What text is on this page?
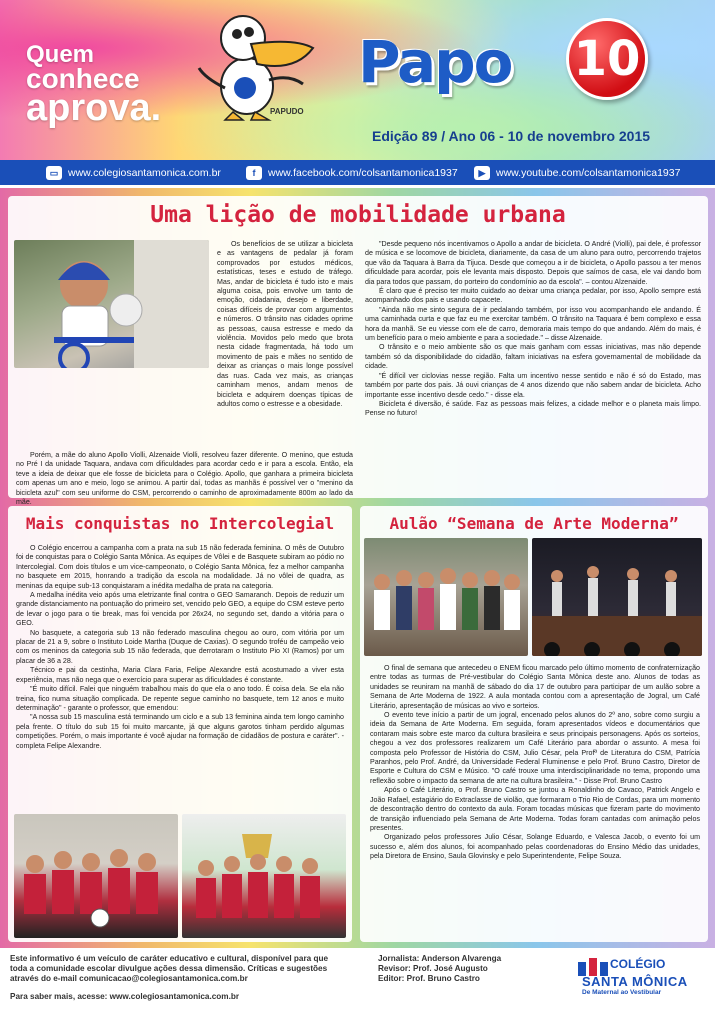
Quem
conhece
aprova.	PAPUDO
Papo 10
Edição 89 / Ano 06 - 10 de novembro 2015
▭ www.colegiosantamonica.com.br	f	www.facebook.com/colsantamonica1937	▶	www.youtube.com/colsantamonica1937
Uma lição de mobilidade urbana

Os benefícios de se utilizar a bicicleta e as vantagens de pedalar já foram comprovados por estudos médicos, estatísticas, teses e estudo de tráfego. Mas, andar de bicicleta é tudo isto e mais alguma coisa, pois envolve um tanto de emoção, cidadania, desejo e liberdade, coisas difíceis de provar com argumentos e números. O trânsito nas cidades oprime as pessoas, causa estresse e medo da violência. Movidos pelo medo que brota nesta cidade fragmentada, há todo um movimento de pais e mães no sentido de deixar as crianças o mais longe possível das ruas. Cada vez mais, as crianças caminham menos, andam menos de bicicleta e adquirem doenças típicas de adultos como o estresse e a obesidade.

Porém, a mãe do aluno Apollo Violli, Alzenaide Violli, resolveu fazer diferente. O menino, que estuda no Pré I da unidade Taquara, andava com dificuldades para acordar cedo e ir para a escola. Então, ela teve a ideia de deixar que ele fosse de bicicleta para o Colégio. Apollo, que ganhara a primeira bicicleta com apenas um ano e meio, logo se animou. A partir daí, todas as manhãs é possível ver o "menino da bicicleta azul" com seu uniforme do CSM, percorrendo o caminho de aproximadamente 800m ao lado da mãe.

"Desde pequeno nós incentivamos o Apollo a andar de bicicleta. O André (Violli), pai dele, é professor de música e se locomove de bicicleta, diariamente, da casa de um aluno para outro, percorrendo trajetos que vão da Taquara à Barra da Tijuca. Desde que começou a ir de bicicleta, o Apollo passou a ter menos dificuldade para acordar, pois ele levanta mais disposto. Depois que saímos de casa, ele vai dando bom dia para todos que passam, do porteiro do condomínio ao da escola". – contou Alzenaide.

É claro que é preciso ter muito cuidado ao deixar uma criança pedalar, por isso, Apollo sempre está acompanhado dos pais e usando capacete.

"Ainda não me sinto segura de ir pedalando também, por isso vou acompanhando ele andando. É uma caminhada curta e que faz eu me exercitar também. O trânsito na Taquara é bem complexo e essa hora da manhã. Se eu viesse com ele de carro, demoraria mais tempo do que andando. Além do mais, é um benefício para o meio ambiente e para a sociedade." – disse Alzenaide.

O trânsito e o meio ambiente são os que mais ganham com essas iniciativas, mas não depende também só da disponibilidade do cidadão, faltam iniciativas na esfera governamental de mobilidade da cidade.

"É difícil ver ciclovias nesse região. Falta um incentivo nesse sentido e não é só do Estado, mas também por parte dos pais. Já ouvi crianças de 4 anos dizendo que não sabem andar de bicicleta. Acho importante esse incentivo desde cedo." - disse ela.

Bicicleta é diversão, é saúde. Faz as pessoas mais felizes, a cidade melhor e o planeta mais limpo. Pense no futuro!

Mais conquistas no Intercolegial

O Colégio encerrou a campanha com a prata na sub 15 não federada feminina. O mês de Outubro foi de conquistas para o Colégio Santa Mônica. As equipes de Vôlei e de Basquete subiram ao pódio no Intercolegial. Com dois títulos e um vice-campeonato, o Colégio Santa Mônica, fez a melhor campanha no basquete em 2015, honrando a tradição da escola na modalidade. Já no vôlei de quadra, as meninas da equipe sub-13 conquistaram a inédita medalha de prata na categoria.

A medalha inédita veio após uma eletrizante final contra o GEO Samaranch. Depois de reduzir um grande distanciamento na pontuação do primeiro set, vencido pelo GEO, a equipe do CSM esteve perto de levar o jogo para o tie break, mas foi vencida por 26x24, no segundo set, dando a vitória para o GEO.

No basquete, a categoria sub 13 não federado masculina chegou ao ouro, com vitória por um placar de 21 a 9, sobre o Instituto Loide Martha (Duque de Caxias). O segundo troféu de campeão veio com os meninos da categoria sub 15 não federada, que derrotaram o Instituto Pio XI (Ramos) por um placar de 36 a 28.

Técnico e pai da cestinha, Maria Clara Faria, Felipe Alexandre está acostumado a viver esta experiência, mas não nega que o exercício para superar as dificuldades é constante.

"É muito difícil. Falei que ninguém trabalhou mais do que ela o ano todo. É coisa dela. Se ela não treina, fico numa situação complicada. De repente segue caminho no basquete, tem 12 anos e muito determinação" - garante o professor, que emendou:

"A nossa sub 15 masculina está terminando um ciclo e a sub 13 feminina ainda tem longo caminho pela frente. O título do sub 15 foi muito marcante, já que alguns garotos tinham perdido algumas competições. Porém, o mais importante é você ajudar na formação de cidadãos de postura e caráter". - completa Felipe Alexandre.

Aulão “Semana de Arte Moderna”

O final de semana que antecedeu o ENEM ficou marcado pelo último momento de confraternização entre todas as turmas de Pré-vestibular do Colégio Santa Mônica deste ano. Alunos de todas as unidades se reuniram na manhã de sábado do dia 17 de outubro para participar de um aulão sobre a Semana de Arte Moderna de 1922. A aula montada contou com a apresentação de Jogral, um Café Literário, apresentação de músicas ao vivo e sorteios.

O evento teve início a partir de um jogral, encenado pelos alunos do 2º ano, sobre como surgiu a ideia da Semana de Arte Moderna. Em seguida, foram apresentados vídeos e documentários que contaram mais sobre este marco da cultura brasileira e seus principais personagens. Após os sorteios, chegou a vez dos professores realizarem um Café Literário para abordar o assunto. A mesa foi composta pelo Professor de História do CSM, Julio César, pela Profª de Literatura do CSM, Patrícia Paranhos, pelo Prof. André, da Universidade Federal Fluminense e pelo Prof. Bruno Castro, Diretor de Esporte e Cultura do CSM e Músico. "O café trouxe uma interdisciplinaridade no tema, propondo uma reflexão sobre o impacto da semana de arte na cultura brasileira." - Disse Prof. Bruno Castro

Após o Café Literário, o Prof. Bruno Castro se juntou a Ronaldinho do Cavaco, Patrick Angelo e João Rafael, estagiário do Extraclasse de violão, que formaram o Trio Rio de Cordas, para um momento de descontração dentro do contexto da aula. Foram tocadas músicas que fizeram parte do movimento de transição influenciado pela Semana de Arte Moderna. Todas foram cantadas com animação pelos presentes.

Organizado pelos professores Julio César, Solange Eduardo, e Valesca Jacob, o evento foi um sucesso e, além dos alunos, foi acompanhado pelas coordenadoras do Ensino Médio das unidades, pela Diretora de Ensino, Saula Glovinsky e pelo Superintendente, Felipe Souza.

Este informativo é um veículo de caráter educativo e cultural, disponível para que toda a comunidade escolar divulgue ações dessa dimensão. Críticas e sugestões através do e-mail comunicacao@colegiosantamonica.com.br
Para saber mais, acesse: www.colegiosantamonica.com.br
Jornalista: Anderson Alvarenga
Revisor: Prof. José Augusto
Editor: Prof. Bruno Castro
COLÉGIO
SANTA MÔNICA
De Maternal ao Vestibular
